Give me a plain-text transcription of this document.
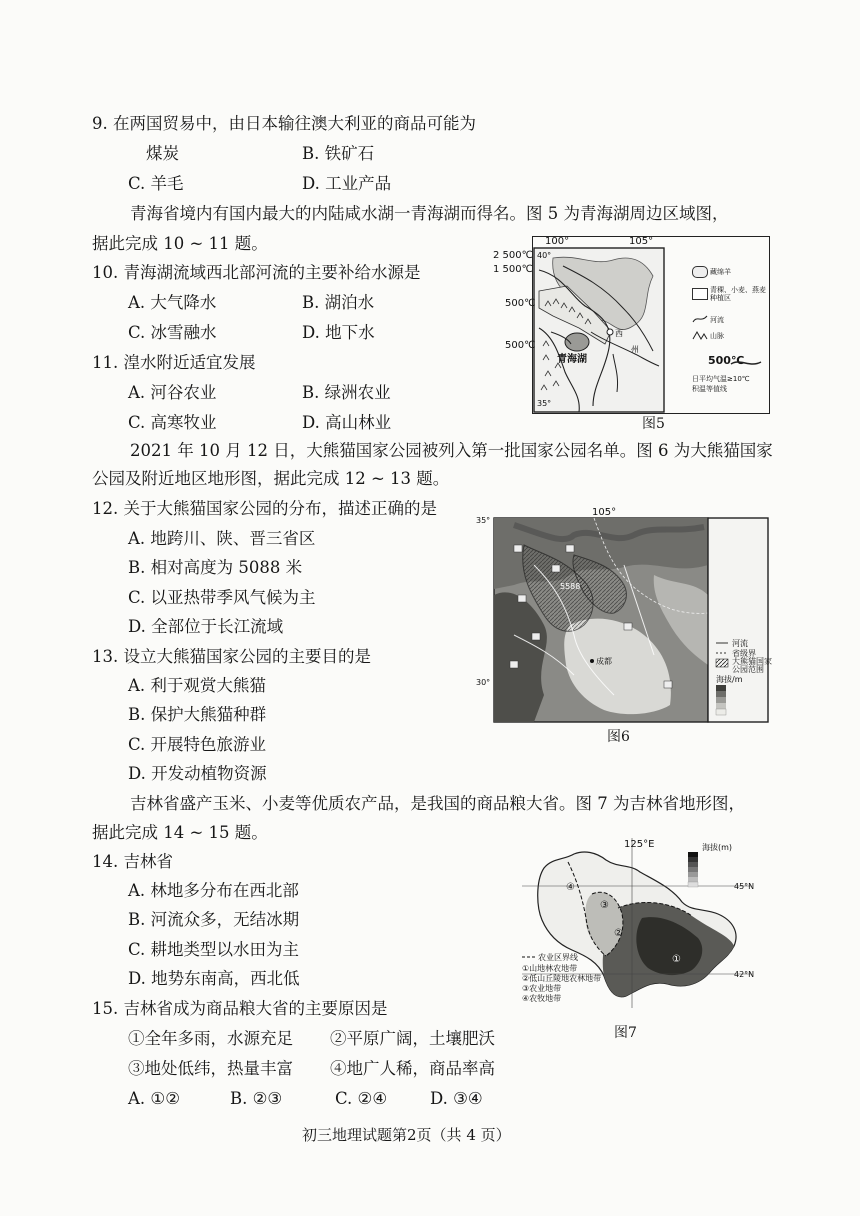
9. 在两国贸易中，由日本输往澳大利亚的商品可能为
煤炭	B. 铁矿石
C. 羊毛	D. 工业产品
青海省境内有国内最大的内陆咸水湖一青海湖而得名。图 5 为青海湖周边区域图，
据此完成 10 ~ 11 题。
10. 青海湖流域西北部河流的主要补给水源是
A. 大气降水	B. 湖泊水
C. 冰雪融水	D. 地下水
11. 湟水附近适宜发展
A. 河谷农业	B. 绿洲农业
C. 高寒牧业	D. 高山林业
100°	105°
40°
35°
2 500℃
1 500℃
500℃
500℃
青海湖
西
州
藏绵羊
青稞、小麦、燕麦种植区
河流
山脉
500℃
日平均气温≥10℃
积温等值线
图5
2021 年 10 月 12 日，大熊猫国家公园被列入第一批国家公园名单。图 6 为大熊猫国家
公园及附近地区地形图，据此完成 12 ~ 13 题。
12. 关于大熊猫国家公园的分布，描述正确的是
A. 地跨川、陕、晋三省区
B. 相对高度为 5088 米
C. 以亚热带季风气候为主
D. 全部位于长江流域
成都
5588
105°
35°
30°
河流
省级界
大熊猫国家
公园范围
海拔/m
图6
13. 设立大熊猫国家公园的主要目的是
A. 利于观赏大熊猫
B. 保护大熊猫种群
C. 开展特色旅游业
D. 开发动植物资源
吉林省盛产玉米、小麦等优质农产品，是我国的商品粮大省。图 7 为吉林省地形图，
据此完成 14 ~ 15 题。
14. 吉林省
A. 林地多分布在西北部
B. 河流众多，无结冰期
C. 耕地类型以水田为主
D. 地势东南高，西北低
125°E
45°N
42°N
④
③
②
①
海拔(m)
农业区界线
①山地林农地带
②低山丘陵地农林地带
③农业地带
④农牧地带
图7
15. 吉林省成为商品粮大省的主要原因是
①全年多雨，水源充足 ②平原广阔，土壤肥沃
③地处低纬，热量丰富 ④地广人稀，商品率高
A. ①②	B. ②③	C. ②④	D. ③④
初三地理试题第2页（共 4 页）
